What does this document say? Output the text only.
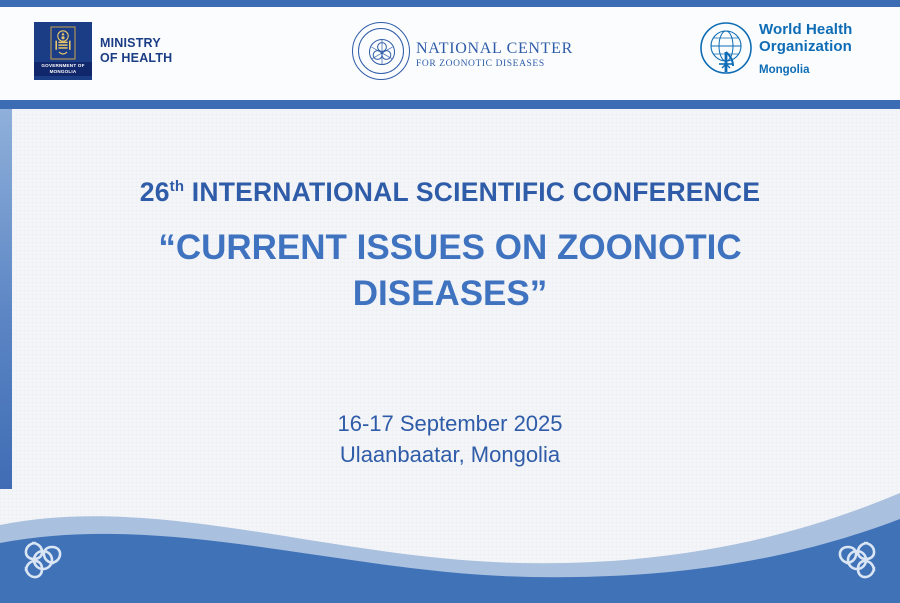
GOVERNMENT OF
MONGOLIA
MINISTRY
OF HEALTH
NATIONAL CENTER
FOR ZOONOTIC DISEASES
World Health
Organization
Mongolia
26th INTERNATIONAL SCIENTIFIC CONFERENCE
“CURRENT ISSUES ON ZOONOTIC DISEASES”
16-17 September 2025
Ulaanbaatar, Mongolia
